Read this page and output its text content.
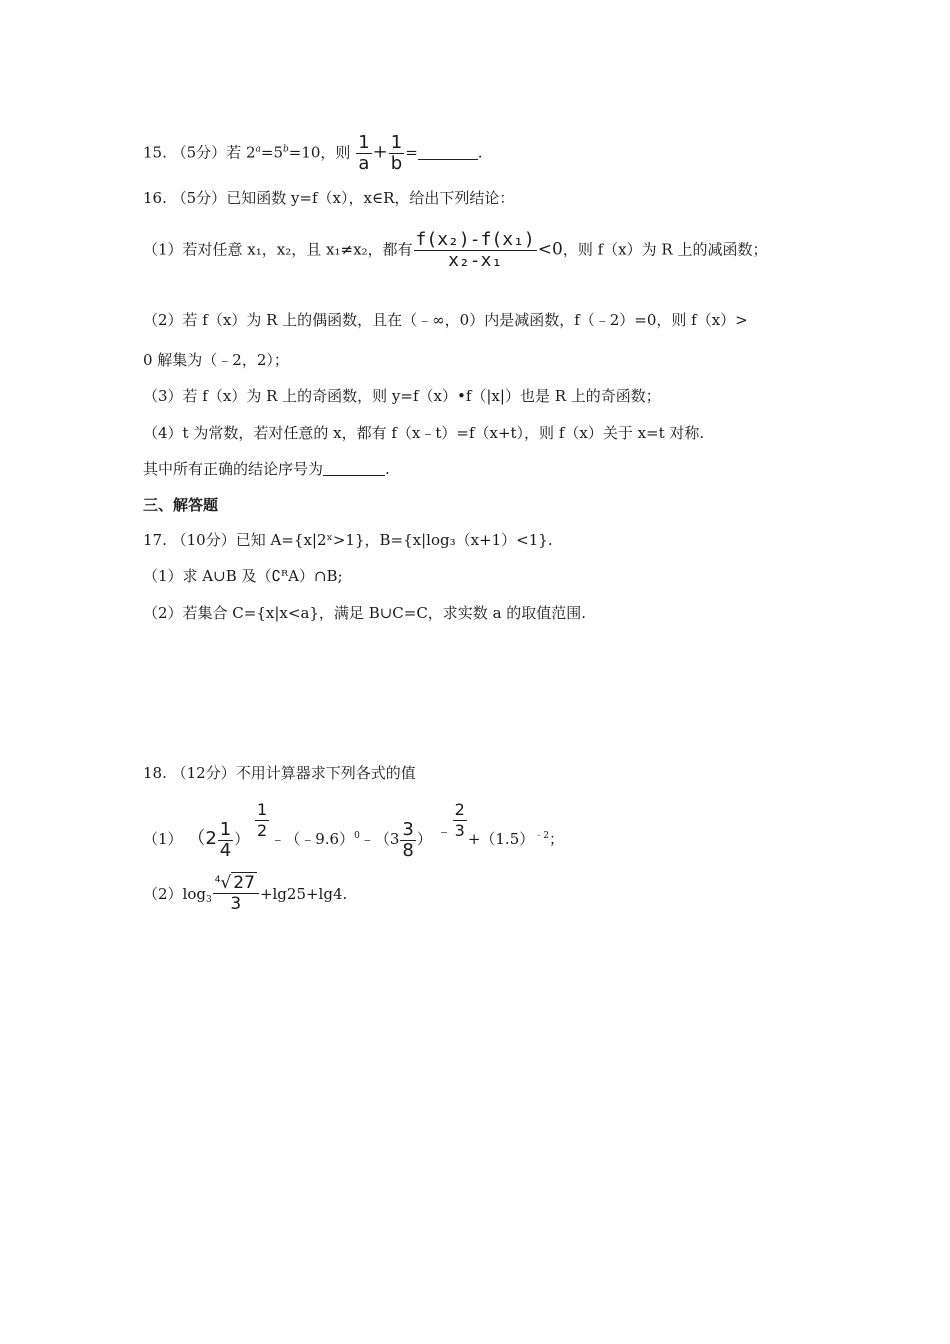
15. （5分）若 $2^a=5^b=10$，则 $\frac{1}{a} + \frac{1}{b}$ =	.
16. （5分）已知函数 y=f（x），x∈R，给出下列结论：
（1）若对任意 x₁，x₂，且 x₁≠x₂，都有 $\frac{\text{f(x₂)-f(x₁)}}{\text{x₂-x₁}} <0$，则 f（x）为 R 上的减函数；
（2）若 f（x）为 R 上的偶函数，且在（﹣∞，0）内是减函数，f（﹣2）=0，则 f（x）>
0 解集为（﹣2，2）；
（3）若 f（x）为 R 上的奇函数，则 y=f（x）•f（|x|）也是 R 上的奇函数；
（4）t 为常数，若对任意的 x，都有 f（x﹣t）=f（x+t），则 f（x）关于 x=t 对称.
其中所有正确的结论序号为	.
三、解答题
17. （10分）已知 A={x|2ˣ>1}，B={x|log₃（x+1）<1}.
（1）求 A∪B 及（∁ᴿA）∩B;
（2）若集合 C={x|x<a}，满足 B∪C=C，求实数 a 的取值范围.
18. （12分）不用计算器求下列各式的值
（1） （$2 \frac{1}{4}$ ） $\frac{1}{2}$ ﹣（﹣9.6）$^0$﹣（3 $\frac{3}{8}$ ） ﹣ $\frac{2}{3} +(1.5)^{﹣2}$；
$(2)\log_3 \frac{^4√ 27}{3} +\lg 25+\lg 4$.
